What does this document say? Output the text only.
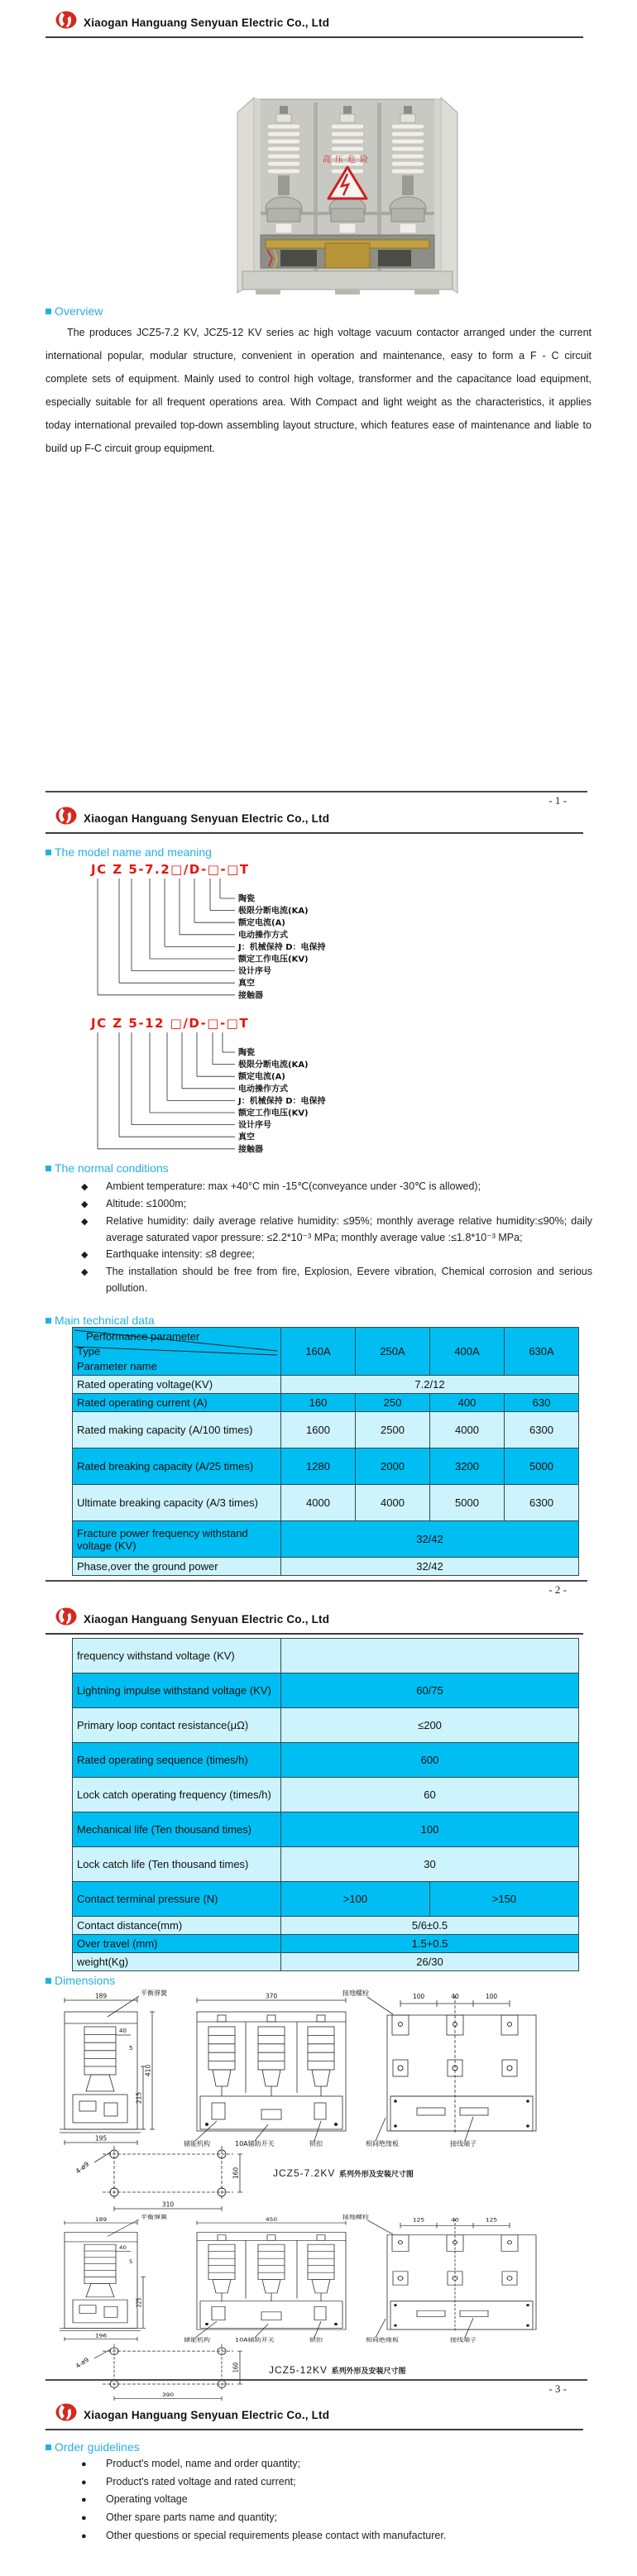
Xiaogan Hanguang Senyuan Electric Co., Ltd
高压危险
Overview
The produces JCZ5-7.2 KV, JCZ5-12 KV series ac high voltage vacuum contactor arranged under the current international popular, modular structure, convenient in operation and maintenance, easy to form a F - C circuit complete sets of equipment. Mainly used to control high voltage, transformer and the capacitance load equipment, especially suitable for all frequent operations area. With Compact and light weight as the characteristics, it applies today international prevailed top-down assembling layout structure, which features ease of maintenance and liable to build up F-C circuit group equipment.
- 1 -
Xiaogan Hanguang Senyuan Electric Co., Ltd
The model name and meaning
JC Z 5-7.2□/D-□-□T
陶瓷
极限分断电流(KA)
额定电流(A)
电动操作方式
J：机械保持 D：电保持
额定工作电压(KV)
设计序号
真空
接触器
JC Z 5-12 □/D-□-□T
陶瓷
极限分断电流(KA)
额定电流(A)
电动操作方式
J：机械保持 D：电保持
额定工作电压(KV)
设计序号
真空
接触器
The normal conditions
◆	Ambient temperature: max +40°C min -15℃(conveyance under -30℃ is allowed);
◆	Altitude: ≤1000m;
◆	Relative humidity: daily average relative humidity: ≤95%; monthly average relative humidity:≤90%; daily average saturated vapor pressure: ≤2.2*10⁻³ MPa; monthly average value :≤1.8*10⁻³ MPa;
◆	Earthquake intensity: ≤8 degree;
◆	The installation should be free from fire, Explosion, Eevere vibration, Chemical corrosion and serious pollution.
Main technical data
Performance parameter
Type
Parameter name	160A	250A	400A	630A
Rated operating voltage(KV)	7.2/12			
Rated operating current (A)	160	250	400	630
Rated making capacity (A/100 times)	1600	2500	4000	6300
Rated breaking capacity (A/25 times)	1280	2000	3200	5000
Ultimate breaking capacity (A/3 times)	4000	4000	5000	6300
Fracture power frequency withstand voltage (KV)	32/42			
Phase,over the ground power	32/42			
- 2 -
Xiaogan Hanguang Senyuan Electric Co., Ltd
frequency withstand voltage (KV)		
Lightning impulse withstand voltage (KV)	60/75	
Primary loop contact resistance(μΩ)	≤200	
Rated operating sequence (times/h)	600	
Lock catch operating frequency (times/h)	60	
Mechanical life (Ten thousand times)	100	
Lock catch life (Ten thousand times)	30	
Contact terminal pressure (N)	>100	>150
Contact distance(mm)	5/6±0.5	
Over travel (mm)	1.5+0.5	
weight(Kg)	26/30	
Dimensions
189
195
410
215
40
5
平衡弹簧	370
储能机构	10A辅助开关	锁扣
100	40	100
接地螺栓
相间绝缘板	接线端子
160
310
4-ø9	JCZ5-7.2KV 系列外形及安装尺寸图
189
196
225
40
5
平衡弹簧	450
储能机构	10A辅助开关	锁扣
125	40	125
接地螺栓
相间绝缘板	接线端子
160
390
4-ø9
JCZ5-12KV 系列外形及安装尺寸图
- 3 -
Xiaogan Hanguang Senyuan Electric Co., Ltd
Order guidelines
●	Product's model, name and order quantity;
●	Product's rated voltage and rated current;
●	Operating voltage
●	Other spare parts name and quantity;
●	Other questions or special requirements please contact with manufacturer.
